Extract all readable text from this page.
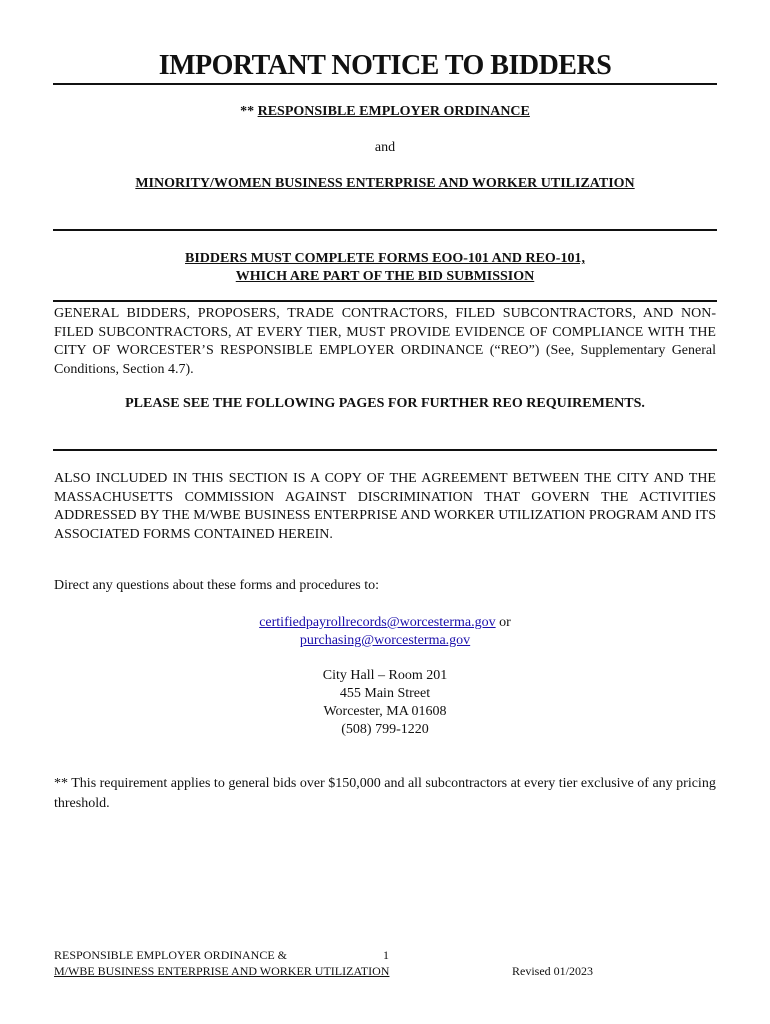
IMPORTANT NOTICE TO BIDDERS
** RESPONSIBLE EMPLOYER ORDINANCE
and
MINORITY/WOMEN BUSINESS ENTERPRISE AND WORKER UTILIZATION
BIDDERS MUST COMPLETE FORMS EOO-101 AND REO-101,
WHICH ARE PART OF THE BID SUBMISSION
GENERAL BIDDERS, PROPOSERS, TRADE CONTRACTORS, FILED SUBCONTRACTORS, AND NON-FILED SUBCONTRACTORS, AT EVERY TIER, MUST PROVIDE EVIDENCE OF COMPLIANCE WITH THE CITY OF WORCESTER’S RESPONSIBLE EMPLOYER ORDINANCE (“REO”) (See, Supplementary General Conditions, Section 4.7).
PLEASE SEE THE FOLLOWING PAGES FOR FURTHER REO REQUIREMENTS.
ALSO INCLUDED IN THIS SECTION IS A COPY OF THE AGREEMENT BETWEEN THE CITY AND THE MASSACHUSETTS COMMISSION AGAINST DISCRIMINATION THAT GOVERN THE ACTIVITIES ADDRESSED BY THE M/WBE BUSINESS ENTERPRISE AND WORKER UTILIZATION PROGRAM AND ITS ASSOCIATED FORMS CONTAINED HEREIN.
Direct any questions about these forms and procedures to:
certifiedpayrollrecords@worcesterma.gov or
purchasing@worcesterma.gov
City Hall – Room 201
455 Main Street
Worcester, MA 01608
(508) 799-1220
** This requirement applies to general bids over $150,000 and all subcontractors at every tier exclusive of any pricing threshold.
RESPONSIBLE EMPLOYER ORDINANCE &	1
M/WBE BUSINESS ENTERPRISE AND WORKER UTILIZATION	Revised 01/2023
